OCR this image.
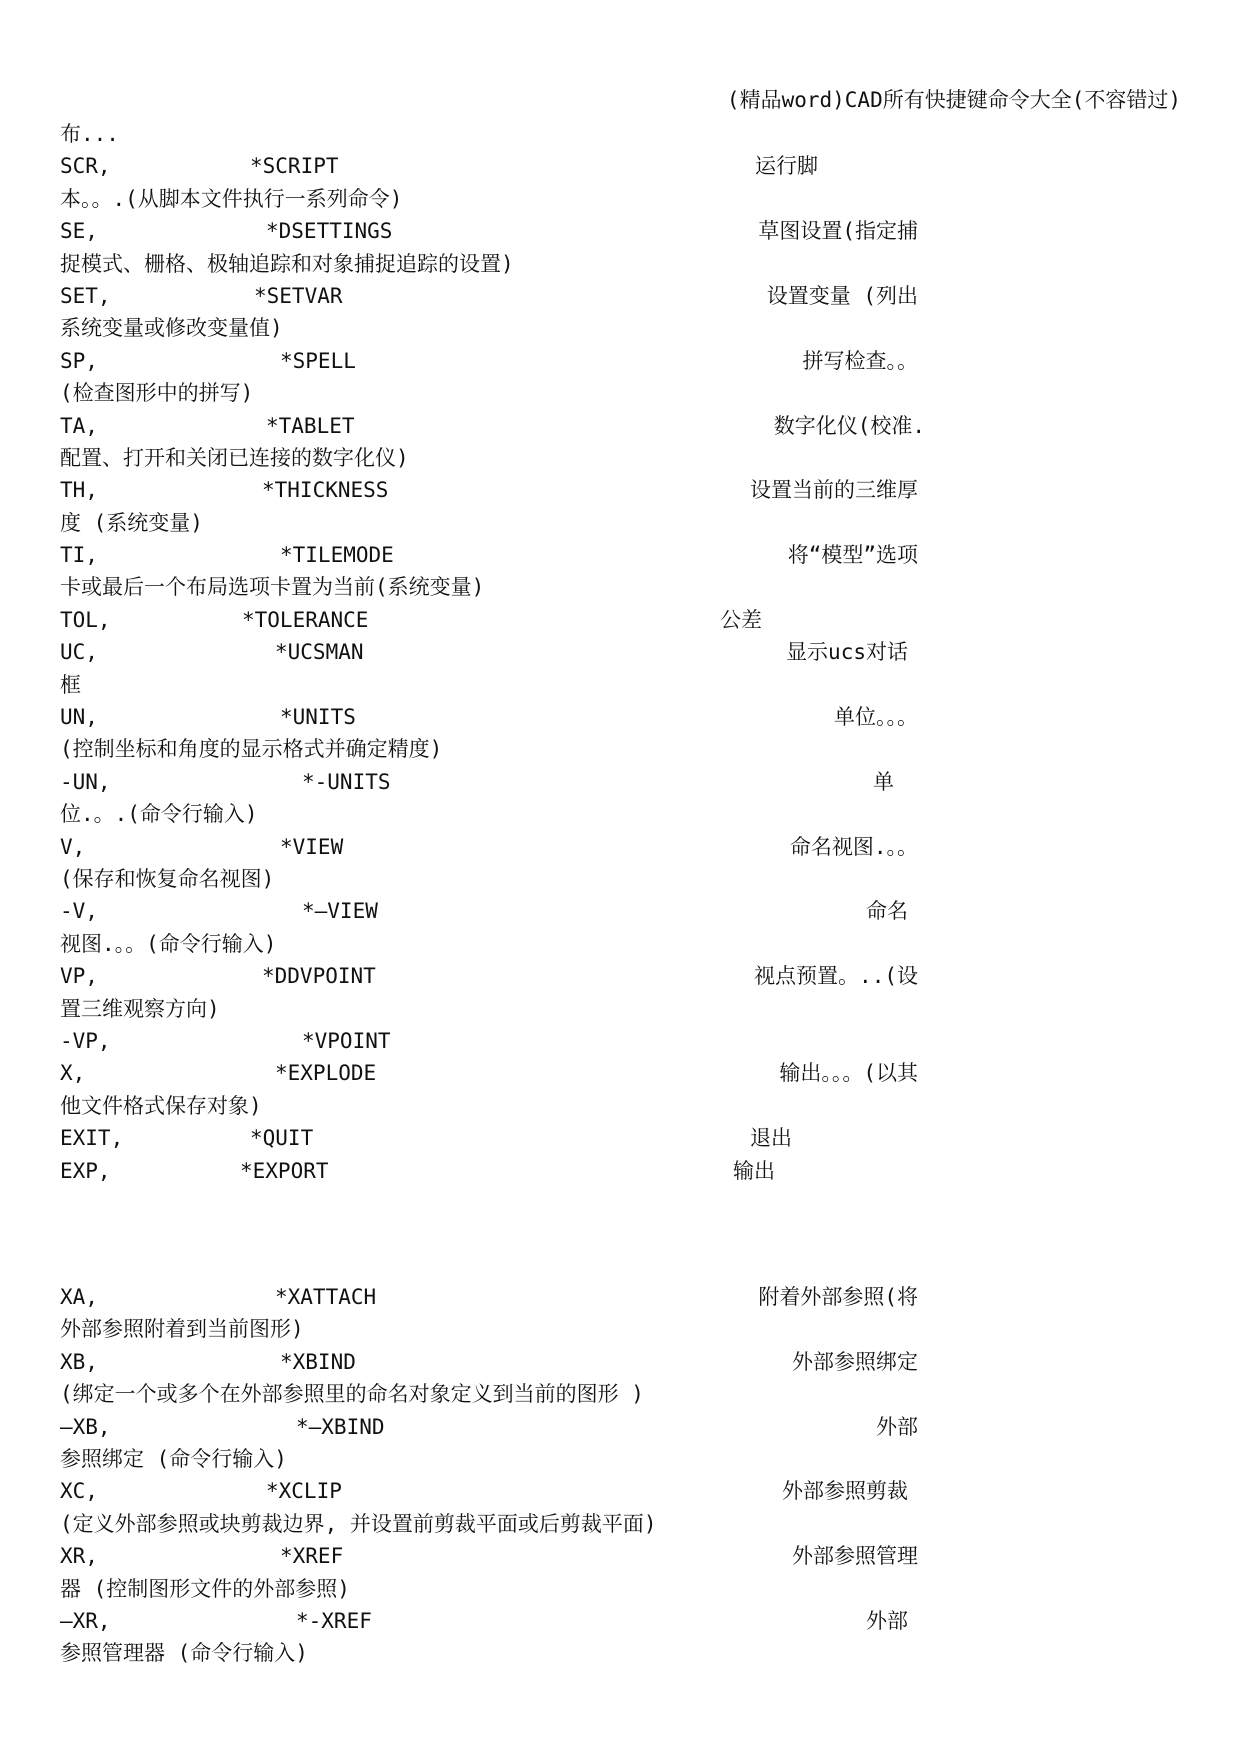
(精品word)CAD所有快捷键命令大全(不容错过)
布...
SCR,	*SCRIPT	运行脚
本。。.(从脚本文件执行一系列命令)
SE,	*DSETTINGS	草图设置(指定捕
捉模式、栅格、极轴追踪和对象捕捉追踪的设置)
SET,	*SETVAR	设置变量 (列出
系统变量或修改变量值)
SP,	*SPELL	拼写检查。。
(检查图形中的拼写)
TA,	*TABLET	数字化仪(校准.
配置、打开和关闭已连接的数字化仪)
TH,	*THICKNESS	设置当前的三维厚
度 (系统变量)
TI,	*TILEMODE	将“模型”选项
卡或最后一个布局选项卡置为当前(系统变量)
TOL,	*TOLERANCE	公差
UC,	*UCSMAN	显示ucs对话
框
UN,	*UNITS	单位。。。
(控制坐标和角度的显示格式并确定精度)
-UN,	*-UNITS	单
位.。.(命令行输入)
V,	*VIEW	命名视图.。。
(保存和恢复命名视图)
-V,	*—VIEW	命名
视图.。。(命令行输入)
VP,	*DDVPOINT	视点预置。..(设
置三维观察方向)
-VP,	*VPOINT
X,	*EXPLODE	输出。。。(以其
他文件格式保存对象)
EXIT,	*QUIT	退出
EXP,	*EXPORT	输出
XA,	*XATTACH	附着外部参照(将
外部参照附着到当前图形)
XB,	*XBIND	外部参照绑定
(绑定一个或多个在外部参照里的命名对象定义到当前的图形 )
—XB,	*—XBIND	外部
参照绑定 (命令行输入)
XC,	*XCLIP	外部参照剪裁
(定义外部参照或块剪裁边界, 并设置前剪裁平面或后剪裁平面)
XR,	*XREF	外部参照管理
器 (控制图形文件的外部参照)
—XR,	*-XREF	外部
参照管理器 (命令行输入)
